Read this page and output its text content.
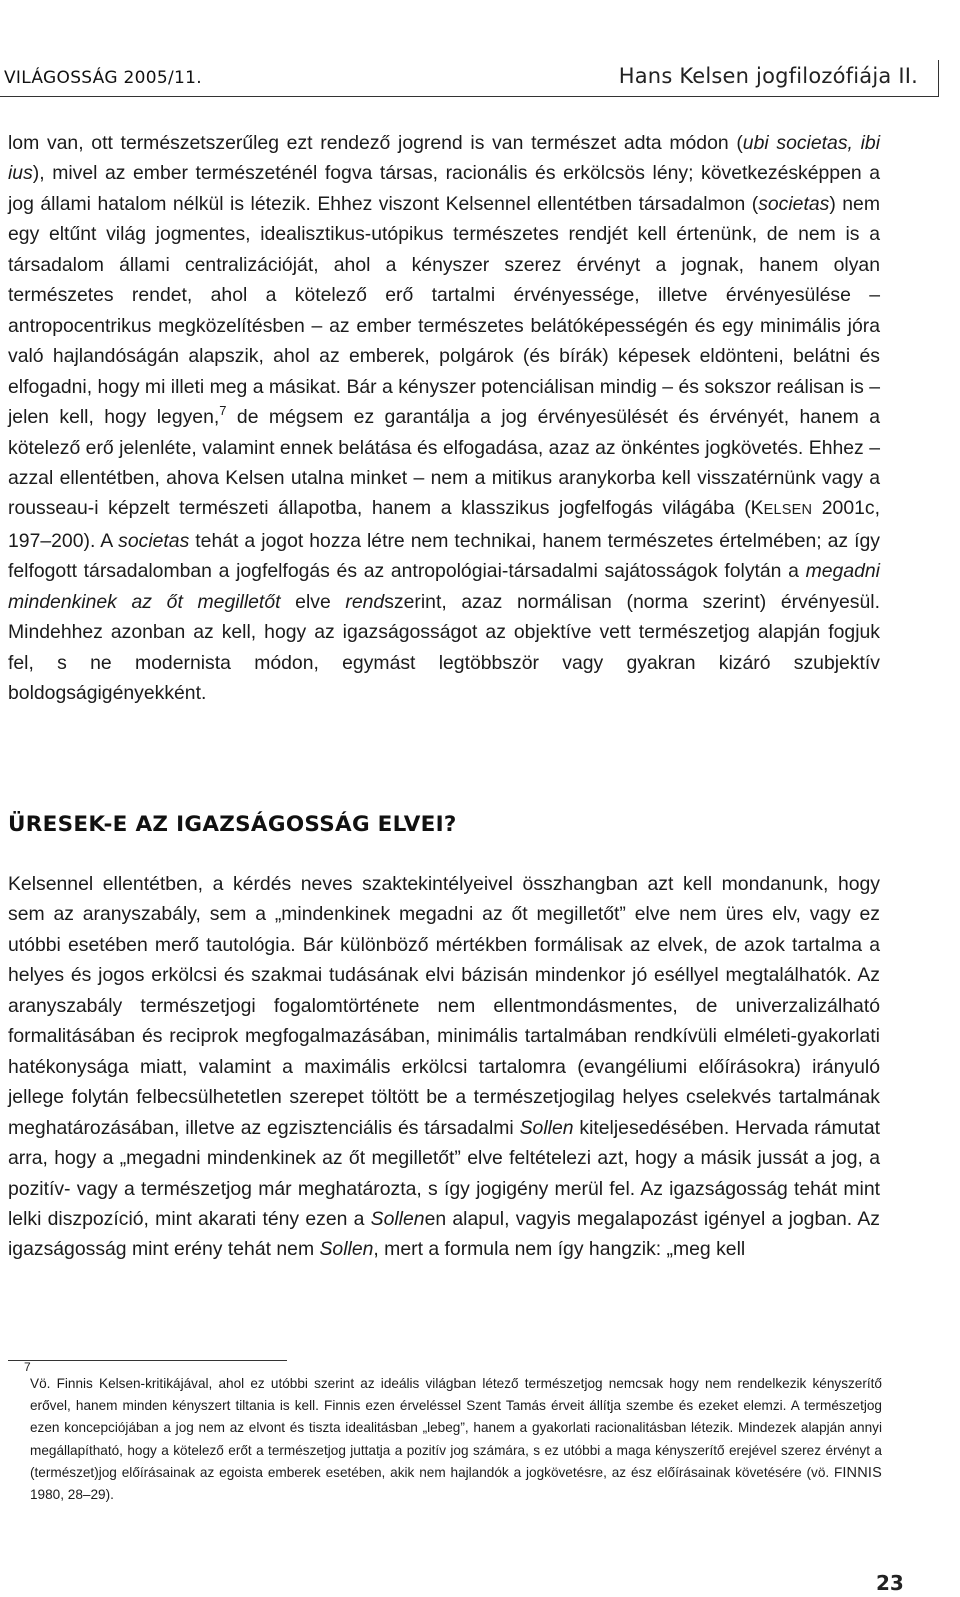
VILÁGOSSÁG 2005/11.	Hans Kelsen jogfilozófiája II.

lom van, ott természetszerűleg ezt rendező jogrend is van természet adta módon (ubi societas, ibi ius), mivel az ember természeténél fogva társas, racionális és erkölcsös lény; következésképpen a jog állami hatalom nélkül is létezik. Ehhez viszont Kelsennel ellentétben társadalmon (societas) nem egy eltűnt világ jogmentes, idealisztikus-utópikus természetes rendjét kell értenünk, de nem is a társadalom állami centralizációját, ahol a kényszer szerez érvényt a jognak, hanem olyan természetes rendet, ahol a kötelező erő tartalmi érvényessége, illetve érvényesülése – antropocentrikus megközelítésben – az ember természetes belátóképességén és egy minimális jóra való hajlandóságán alapszik, ahol az emberek, polgárok (és bírák) képesek eldönteni, belátni és elfogadni, hogy mi illeti meg a másikat. Bár a kényszer potenciálisan mindig – és sokszor reálisan is – jelen kell, hogy legyen,$^7$ de mégsem ez garantálja a jog érvényesülését és érvényét, hanem a kötelező erő jelenléte, valamint ennek belátása és elfogadása, azaz az önkéntes jogkövetés. Ehhez – azzal ellentétben, ahova Kelsen utalna minket – nem a mitikus aranykorba kell visszatérnünk vagy a rousseau-i képzelt természeti állapotba, hanem a klasszikus jogfelfogás világába (KELSEN 2001c, 197–200). A societas tehát a jogot hozza létre nem technikai, hanem természetes értelmében; az így felfogott társadalomban a jogfelfogás és az antropológiai-társadalmi sajátosságok folytán a megadni mindenkinek az őt megilletőt elve rendszerint, azaz normálisan (norma szerint) érvényesül. Mindehhez azonban az kell, hogy az igazságosságot az objektíve vett természetjog alapján fogjuk fel, s ne modernista módon, egymást legtöbbször vagy gyakran kizáró szubjektív boldogságigényekként.

ÜRESEK-E AZ IGAZSÁGOSSÁG ELVEI?

Kelsennel ellentétben, a kérdés neves szaktekintélyeivel összhangban azt kell mondanunk, hogy sem az aranyszabály, sem a „mindenkinek megadni az őt megilletőt” elve nem üres elv, vagy ez utóbbi esetében merő tautológia. Bár különböző mértékben formálisak az elvek, de azok tartalma a helyes és jogos erkölcsi és szakmai tudásának elvi bázisán mindenkor jó eséllyel megtalálhatók. Az aranyszabály természetjogi fogalomtörténete nem ellentmondásmentes, de univerzalizálható formalitásában és reciprok megfogalmazásában, minimális tartalmában rendkívüli elméleti-gyakorlati hatékonysága miatt, valamint a maximális erkölcsi tartalomra (evangéliumi előírásokra) irányuló jellege folytán felbecsülhetetlen szerepet töltött be a természetjogilag helyes cselekvés tartalmának meghatározásában, illetve az egzisztenciális és társadalmi Sollen kiteljesedésében. Hervada rámutat arra, hogy a „megadni mindenkinek az őt megilletőt” elve feltételezi azt, hogy a másik jussát a jog, a pozitív- vagy a természetjog már meghatározta, s így jogigény merül fel. Az igazságosság tehát mint lelki diszpozíció, mint akarati tény ezen a Sollenen alapul, vagyis megalapozást igényel a jogban. Az igazságosság mint erény tehát nem Sollen, mert a formula nem így hangzik: „meg kell

7
Vö. Finnis Kelsen-kritikájával, ahol ez utóbbi szerint az ideális világban létező természetjog nemcsak hogy nem rendelkezik kényszerítő erővel, hanem minden kényszert tiltania is kell. Finnis ezen érveléssel Szent Tamás érveit állítja szembe és ezeket elemzi. A természetjog ezen koncepciójában a jog nem az elvont és tiszta idealitásban „lebeg”, hanem a gyakorlati racionalitásban létezik. Mindezek alapján annyi megállapítható, hogy a kötelező erőt a természetjog juttatja a pozitív jog számára, s ez utóbbi a maga kényszerítő erejével szerez érvényt a (természet)jog előírásainak az egoista emberek esetében, akik nem hajlandók a jogkövetésre, az ész előírásainak követésére (vö. FINNIS 1980, 28–29).

23
